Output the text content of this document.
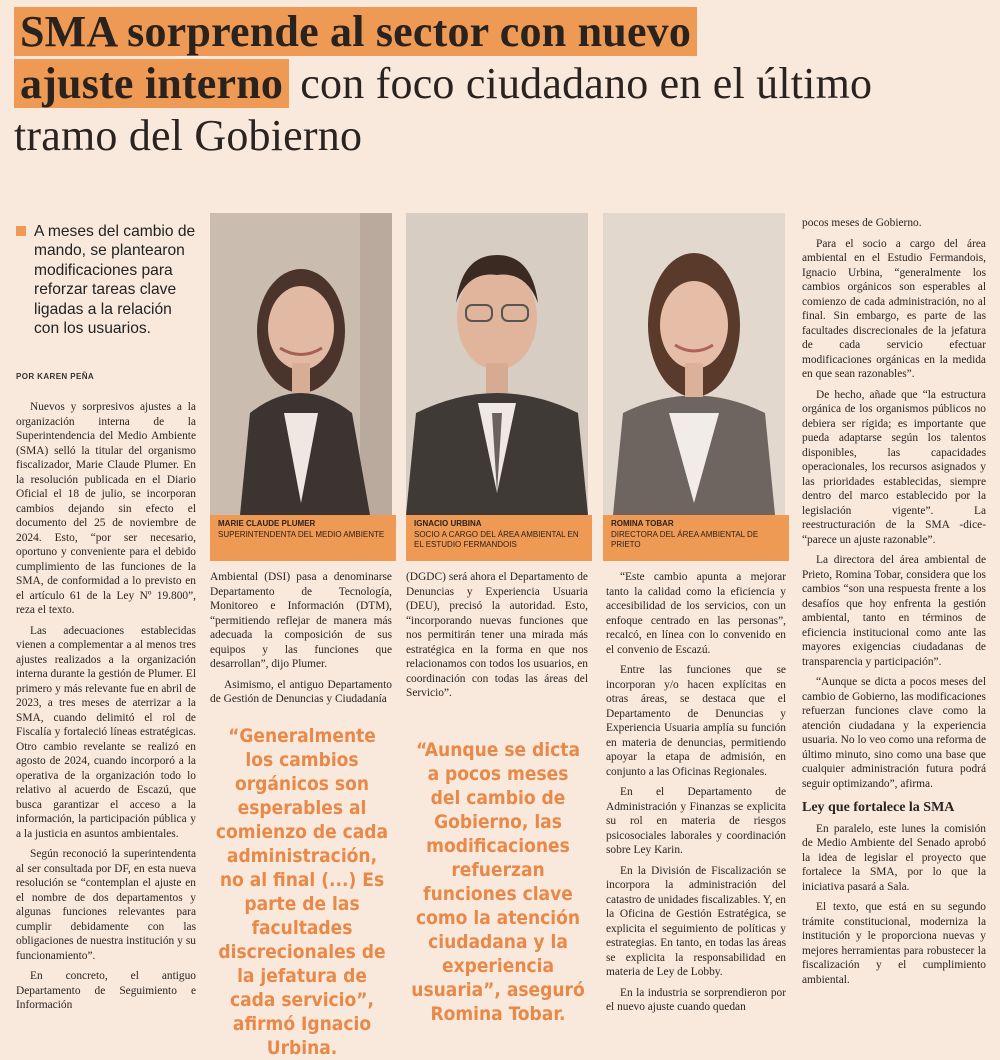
SMA sorprende al sector con nuevo
ajuste interno con foco ciudadano en el último tramo del Gobierno
A meses del cambio de mando, se plantearon modificaciones para reforzar tareas clave ligadas a la relación con los usuarios.
POR KAREN PEÑA

Nuevos y sorpresivos ajustes a la organización interna de la Superintendencia del Medio Ambiente (SMA) selló la titular del organismo fiscalizador, Marie Claude Plumer. En la resolución publicada en el Diario Oficial el 18 de julio, se incorporan cambios dejando sin efecto el documento del 25 de noviembre de 2024. Esto, “por ser necesario, oportuno y conveniente para el debido cumplimiento de las funciones de la SMA, de conformidad a lo previsto en el artículo 61 de la Ley Nº 19.800”, reza el texto.

Las adecuaciones establecidas vienen a complementar a al menos tres ajustes realizados a la organización interna durante la gestión de Plumer. El primero y más relevante fue en abril de 2023, a tres meses de aterrizar a la SMA, cuando delimitó el rol de Fiscalía y fortaleció líneas estratégicas. Otro cambio revelante se realizó en agosto de 2024, cuando incorporó a la operativa de la organización todo lo relativo al acuerdo de Escazú, que busca garantizar el acceso a la información, la participación pública y a la justicia en asuntos ambientales.

Según reconoció la superintendenta al ser consultada por DF, en esta nueva resolución se “contemplan el ajuste en el nombre de dos departamentos y algunas funciones relevantes para cumplir debidamente con las obligaciones de nuestra institución y su funcionamiento”.

En concreto, el antiguo Departamento de Seguimiento e Información

MARIE CLAUDE PLUMER
SUPERINTENDENTA DEL MEDIO AMBIENTE
IGNACIO URBINA
SOCIO A CARGO DEL ÁREA AMBIENTAL EN EL ESTUDIO FERMANDOIS
ROMINA TOBAR
DIRECTORA DEL ÁREA AMBIENTAL DE PRIETO

Ambiental (DSI) pasa a denominarse Departamento de Tecnología, Monitoreo e Información (DTM), “permitiendo reflejar de manera más adecuada la composición de sus equipos y las funciones que desarrollan”, dijo Plumer.

Asimismo, el antiguo Departamento de Gestión de Denuncias y Ciudadanía

(DGDC) será ahora el Departamento de Denuncias y Experiencia Usuaria (DEU), precisó la autoridad. Esto, “incorporando nuevas funciones que nos permitirán tener una mirada más estratégica en la forma en que nos relacionamos con todos los usuarios, en coordinación con todas las áreas del Servicio”.

“Generalmente los cambios orgánicos son esperables al comienzo de cada administración, no al final (...) Es parte de las facultades discrecionales de la jefatura de cada servicio”, afirmó Ignacio Urbina.
“Aunque se dicta a pocos meses del cambio de Gobierno, las modificaciones refuerzan funciones clave como la atención ciudadana y la experiencia usuaria”, aseguró Romina Tobar.

“Este cambio apunta a mejorar tanto la calidad como la eficiencia y accesibilidad de los servicios, con un enfoque centrado en las personas”, recalcó, en línea con lo convenido en el convenio de Escazú.

Entre las funciones que se incorporan y/o hacen explícitas en otras áreas, se destaca que el Departamento de Denuncias y Experiencia Usuaria amplía su función en materia de denuncias, permitiendo apoyar la etapa de admisión, en conjunto a las Oficinas Regionales.

En el Departamento de Administración y Finanzas se explicita su rol en materia de riesgos psicosociales laborales y coordinación sobre Ley Karin.

En la División de Fiscalización se incorpora la administración del catastro de unidades fiscalizables. Y, en la Oficina de Gestión Estratégica, se explicita el seguimiento de políticas y estrategias. En tanto, en todas las áreas se explicita la responsabilidad en materia de Ley de Lobby.

En la industria se sorprendieron por el nuevo ajuste cuando quedan

pocos meses de Gobierno.

Para el socio a cargo del área ambiental en el Estudio Fermandois, Ignacio Urbina, “generalmente los cambios orgánicos son esperables al comienzo de cada administración, no al final. Sin embargo, es parte de las facultades discrecionales de la jefatura de cada servicio efectuar modificaciones orgánicas en la medida en que sean razonables”.

De hecho, añade que “la estructura orgánica de los organismos públicos no debiera ser rígida; es importante que pueda adaptarse según los talentos disponibles, las capacidades operacionales, los recursos asignados y las prioridades establecidas, siempre dentro del marco establecido por la legislación vigente”. La reestructuración de la SMA -dice- “parece un ajuste razonable”.

La directora del área ambiental de Prieto, Romina Tobar, considera que los cambios “son una respuesta frente a los desafíos que hoy enfrenta la gestión ambiental, tanto en términos de eficiencia institucional como ante las mayores exigencias ciudadanas de transparencia y participación”.

“Aunque se dicta a pocos meses del cambio de Gobierno, las modificaciones refuerzan funciones clave como la atención ciudadana y la experiencia usuaria. No lo veo como una reforma de último minuto, sino como una base que cualquier administración futura podrá seguir optimizando”, afirma.

Ley que fortalece la SMA

En paralelo, este lunes la comisión de Medio Ambiente del Senado aprobó la idea de legislar el proyecto que fortalece la SMA, por lo que la iniciativa pasará a Sala.

El texto, que está en su segundo trámite constitucional, moderniza la institución y le proporciona nuevas y mejores herramientas para robustecer la fiscalización y el cumplimiento ambiental.
